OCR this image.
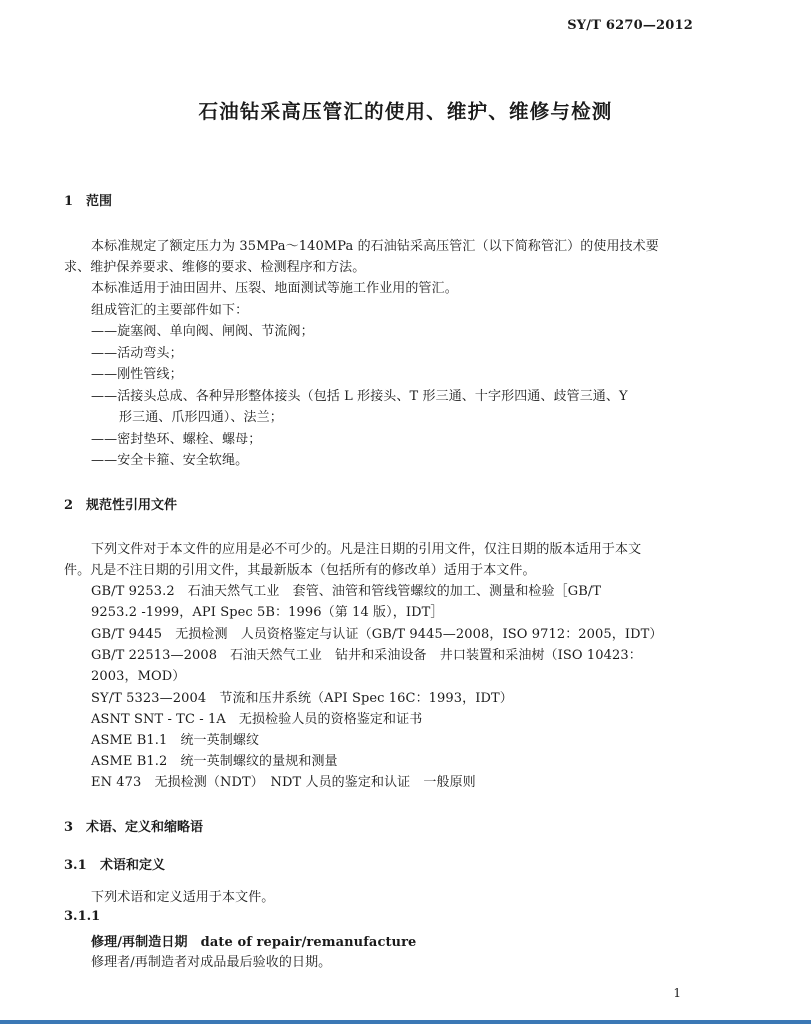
SY/T 6270—2012
石油钻采高压管汇的使用、维护、维修与检测
1 范围
本标准规定了额定压力为 35MPa～140MPa 的石油钻采高压管汇（以下简称管汇）的使用技术要
求、维护保养要求、维修的要求、检测程序和方法。
本标准适用于油田固井、压裂、地面测试等施工作业用的管汇。
组成管汇的主要部件如下：
——旋塞阀、单向阀、闸阀、节流阀；
——活动弯头；
——刚性管线；
——活接头总成、各种异形整体接头（包括 L 形接头、T 形三通、十字形四通、歧管三通、Y
形三通、爪形四通）、法兰；
——密封垫环、螺栓、螺母；
——安全卡箍、安全软绳。
2 规范性引用文件
下列文件对于本文件的应用是必不可少的。凡是注日期的引用文件，仅注日期的版本适用于本文
件。凡是不注日期的引用文件，其最新版本（包括所有的修改单）适用于本文件。
GB/T 9253.2　石油天然气工业　套管、油管和管线管螺纹的加工、测量和检验［GB/T
9253.2 -1999，API Spec 5B：1996（第 14 版），IDT］
GB/T 9445　无损检测　人员资格鉴定与认证（GB/T 9445—2008，ISO 9712：2005，IDT）
GB/T 22513—2008　石油天然气工业　钻井和采油设备　井口装置和采油树（ISO 10423：
2003，MOD）
SY/T 5323—2004　节流和压井系统（API Spec 16C：1993，IDT）
ASNT SNT - TC - 1A　无损检验人员的资格鉴定和证书
ASME B1.1　统一英制螺纹
ASME B1.2　统一英制螺纹的量规和测量
EN 473　无损检测（NDT）　NDT 人员的鉴定和认证　一般原则
3 术语、定义和缩略语
3.1 术语和定义
下列术语和定义适用于本文件。
3.1.1
修理/再制造日期　date of repair/remanufacture
修理者/再制造者对成品最后验收的日期。
1
